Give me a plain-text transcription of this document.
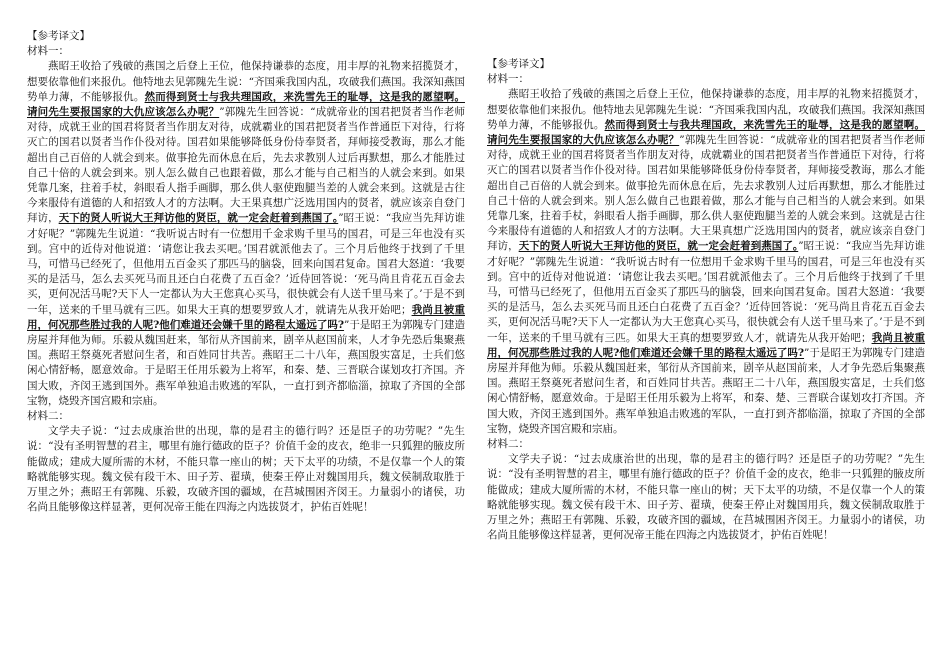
【参考译文】

材料一：

燕昭王收拾了残破的燕国之后登上王位，他保持谦恭的态度，用丰厚的礼物来招揽贤才，想要依靠他们来报仇。他特地去见郭隗先生说：“齐国乘我国内乱，攻破我们燕国。我深知燕国势单力薄，不能够报仇。然而得到贤士与我共理国政，来洗雪先王的耻辱，这是我的愿望啊。请问先生要报国家的大仇应该怎么办呢？”郭隗先生回答说：“成就帝业的国君把贤者当作老师对待，成就王业的国君将贤者当作朋友对待，成就霸业的国君把贤者当作普通臣下对待，行将灭亡的国君以贤者当作仆役对待。国君如果能够降低身份侍奉贤者，拜师接受教诲，那么才能超出自己百倍的人就会到来。做事抢先而休息在后，先去求教别人过后再默想，那么才能胜过自己十倍的人就会到来。别人怎么做自己也跟着做，那么才能与自己相当的人就会来到。如果凭靠几案，拄着手杖，斜眼看人指手画脚，那么供人驱使跑腿当差的人就会来到。这就是古往今来服侍有道德的人和招致人才的方法啊。大王果真想广泛选用国内的贤者，就应该亲自登门拜访，天下的贤人听说大王拜访他的贤臣，就一定会赶着到燕国了。”昭王说：“我应当先拜访谁才好呢？”郭隗先生说道：“我听说古时有一位想用千金求购千里马的国君，可是三年也没有买到。宫中的近侍对他说道：‘请您让我去买吧。’国君就派他去了。三个月后他终于找到了千里马，可惜马已经死了，但他用五百金买了那匹马的脑袋，回来向国君复命。国君大怒道：‘我要买的是活马，怎么去买死马而且还白白花费了五百金？’近侍回答说：‘死马尚且肯花五百金去买，更何况活马呢?天下人一定都认为大王您真心买马，很快就会有人送千里马来了。’于是不到一年，送来的千里马就有三匹。如果大王真的想要罗致人才，就请先从我开始吧；我尚且被重用，何况那些胜过我的人呢?他们难道还会嫌千里的路程太遥远了吗?”于是昭王为郭隗专门建造房屋并拜他为师。乐毅从魏国赶来，邹衍从齐国前来，剧辛从赵国前来，人才争先恐后集聚燕国。燕昭王祭奠死者慰问生者，和百姓同甘共苦。燕昭王二十八年，燕国殷实富足，士兵们悠闲心情舒畅，愿意效命。于是昭王任用乐毅为上将军，和秦、楚、三晋联合谋划攻打齐国。齐国大败，齐闵王逃到国外。燕军单独追击败逃的军队，一直打到齐都临淄，掠取了齐国的全部宝物，烧毁齐国宫殿和宗庙。

材料二：

文学夫子说：“过去成康治世的出现，靠的是君主的德行吗？还是臣子的功劳呢？”先生说：“没有圣明智慧的君主，哪里有施行德政的臣子？价值千金的皮衣，绝非一只狐狸的腋皮所能做成；建成大厦所需的木材，不能只靠一座山的树；天下太平的功绩，不是仅靠一个人的策略就能够实现。魏文侯有段干木、田子芳、翟璜，使秦王停止对魏国用兵，魏文侯制敌取胜于万里之外；燕昭王有郭隗、乐毅，攻破齐国的疆域，在莒城围困齐闵王。力量弱小的诸侯，功名尚且能够像这样显著，更何况帝王能在四海之内选拔贤才，护佑百姓呢！

【参考译文】

材料一：

燕昭王收拾了残破的燕国之后登上王位，他保持谦恭的态度，用丰厚的礼物来招揽贤才，想要依靠他们来报仇。他特地去见郭隗先生说：“齐国乘我国内乱，攻破我们燕国。我深知燕国势单力薄，不能够报仇。然而得到贤士与我共理国政，来洗雪先王的耻辱，这是我的愿望啊。请问先生要报国家的大仇应该怎么办呢？”郭隗先生回答说：“成就帝业的国君把贤者当作老师对待，成就王业的国君将贤者当作朋友对待，成就霸业的国君把贤者当作普通臣下对待，行将灭亡的国君以贤者当作仆役对待。国君如果能够降低身份侍奉贤者，拜师接受教诲，那么才能超出自己百倍的人就会到来。做事抢先而休息在后，先去求教别人过后再默想，那么才能胜过自己十倍的人就会到来。别人怎么做自己也跟着做，那么才能与自己相当的人就会来到。如果凭靠几案，拄着手杖，斜眼看人指手画脚，那么供人驱使跑腿当差的人就会来到。这就是古往今来服侍有道德的人和招致人才的方法啊。大王果真想广泛选用国内的贤者，就应该亲自登门拜访，天下的贤人听说大王拜访他的贤臣，就一定会赶着到燕国了。”昭王说：“我应当先拜访谁才好呢？”郭隗先生说道：“我听说古时有一位想用千金求购千里马的国君，可是三年也没有买到。宫中的近侍对他说道：‘请您让我去买吧。’国君就派他去了。三个月后他终于找到了千里马，可惜马已经死了，但他用五百金买了那匹马的脑袋，回来向国君复命。国君大怒道：‘我要买的是活马，怎么去买死马而且还白白花费了五百金？’近侍回答说：‘死马尚且肯花五百金去买，更何况活马呢?天下人一定都认为大王您真心买马，很快就会有人送千里马来了。’于是不到一年，送来的千里马就有三匹。如果大王真的想要罗致人才，就请先从我开始吧；我尚且被重用，何况那些胜过我的人呢?他们难道还会嫌千里的路程太遥远了吗?”于是昭王为郭隗专门建造房屋并拜他为师。乐毅从魏国赶来，邹衍从齐国前来，剧辛从赵国前来，人才争先恐后集聚燕国。燕昭王祭奠死者慰问生者，和百姓同甘共苦。燕昭王二十八年，燕国殷实富足，士兵们悠闲心情舒畅，愿意效命。于是昭王任用乐毅为上将军，和秦、楚、三晋联合谋划攻打齐国。齐国大败，齐闵王逃到国外。燕军单独追击败逃的军队，一直打到齐都临淄，掠取了齐国的全部宝物，烧毁齐国宫殿和宗庙。

材料二：

文学夫子说：“过去成康治世的出现，靠的是君主的德行吗？还是臣子的功劳呢？”先生说：“没有圣明智慧的君主，哪里有施行德政的臣子？价值千金的皮衣，绝非一只狐狸的腋皮所能做成；建成大厦所需的木材，不能只靠一座山的树；天下太平的功绩，不是仅靠一个人的策略就能够实现。魏文侯有段干木、田子芳、翟璜，使秦王停止对魏国用兵，魏文侯制敌取胜于万里之外；燕昭王有郭隗、乐毅，攻破齐国的疆域，在莒城围困齐闵王。力量弱小的诸侯，功名尚且能够像这样显著，更何况帝王能在四海之内选拔贤才，护佑百姓呢！
